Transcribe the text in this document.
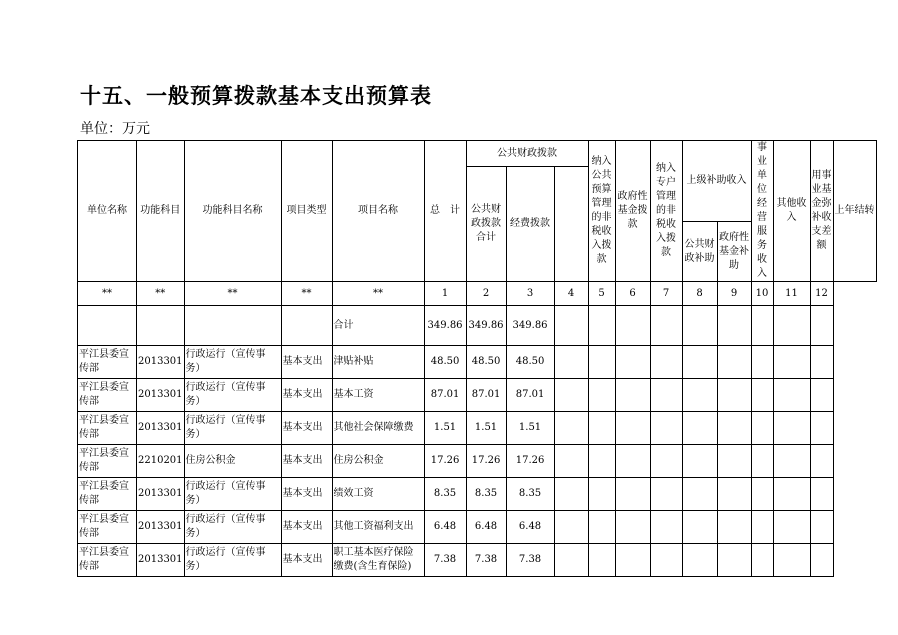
十五、一般预算拨款基本支出预算表
单位：万元
单位名称	功能科目	功能科目名称	项目类型	项目名称	总　计	公共财政拨款			纳入公共预算管理的非税收入拨款	政府性基金拨款	纳入专户管理的非税收入拨款	上级补助收入		事业单位经营服务收入	其他收入	用事业基金弥补收支差额	上年结转
						公共财政拨款合计	经费拨款										
												公共财政补助	政府性基金补助				
**	**	**	**	**	1	2	3	4	5	6	7	8	9	10	11	12	
				合计	349.86	349.86	349.86										
平江县委宣传部	2013301	行政运行（宣传事务）	基本支出	津贴补贴	48.50	48.50	48.50										
平江县委宣传部	2013301	行政运行（宣传事务）	基本支出	基本工资	87.01	87.01	87.01										
平江县委宣传部	2013301	行政运行（宣传事务）	基本支出	其他社会保障缴费	1.51	1.51	1.51										
平江县委宣传部	2210201	住房公积金	基本支出	住房公积金	17.26	17.26	17.26										
平江县委宣传部	2013301	行政运行（宣传事务）	基本支出	绩效工资	8.35	8.35	8.35										
平江县委宣传部	2013301	行政运行（宣传事务）	基本支出	其他工资福利支出	6.48	6.48	6.48										
平江县委宣传部	2013301	行政运行（宣传事务）	基本支出	职工基本医疗保险缴费(含生育保险)	7.38	7.38	7.38										
